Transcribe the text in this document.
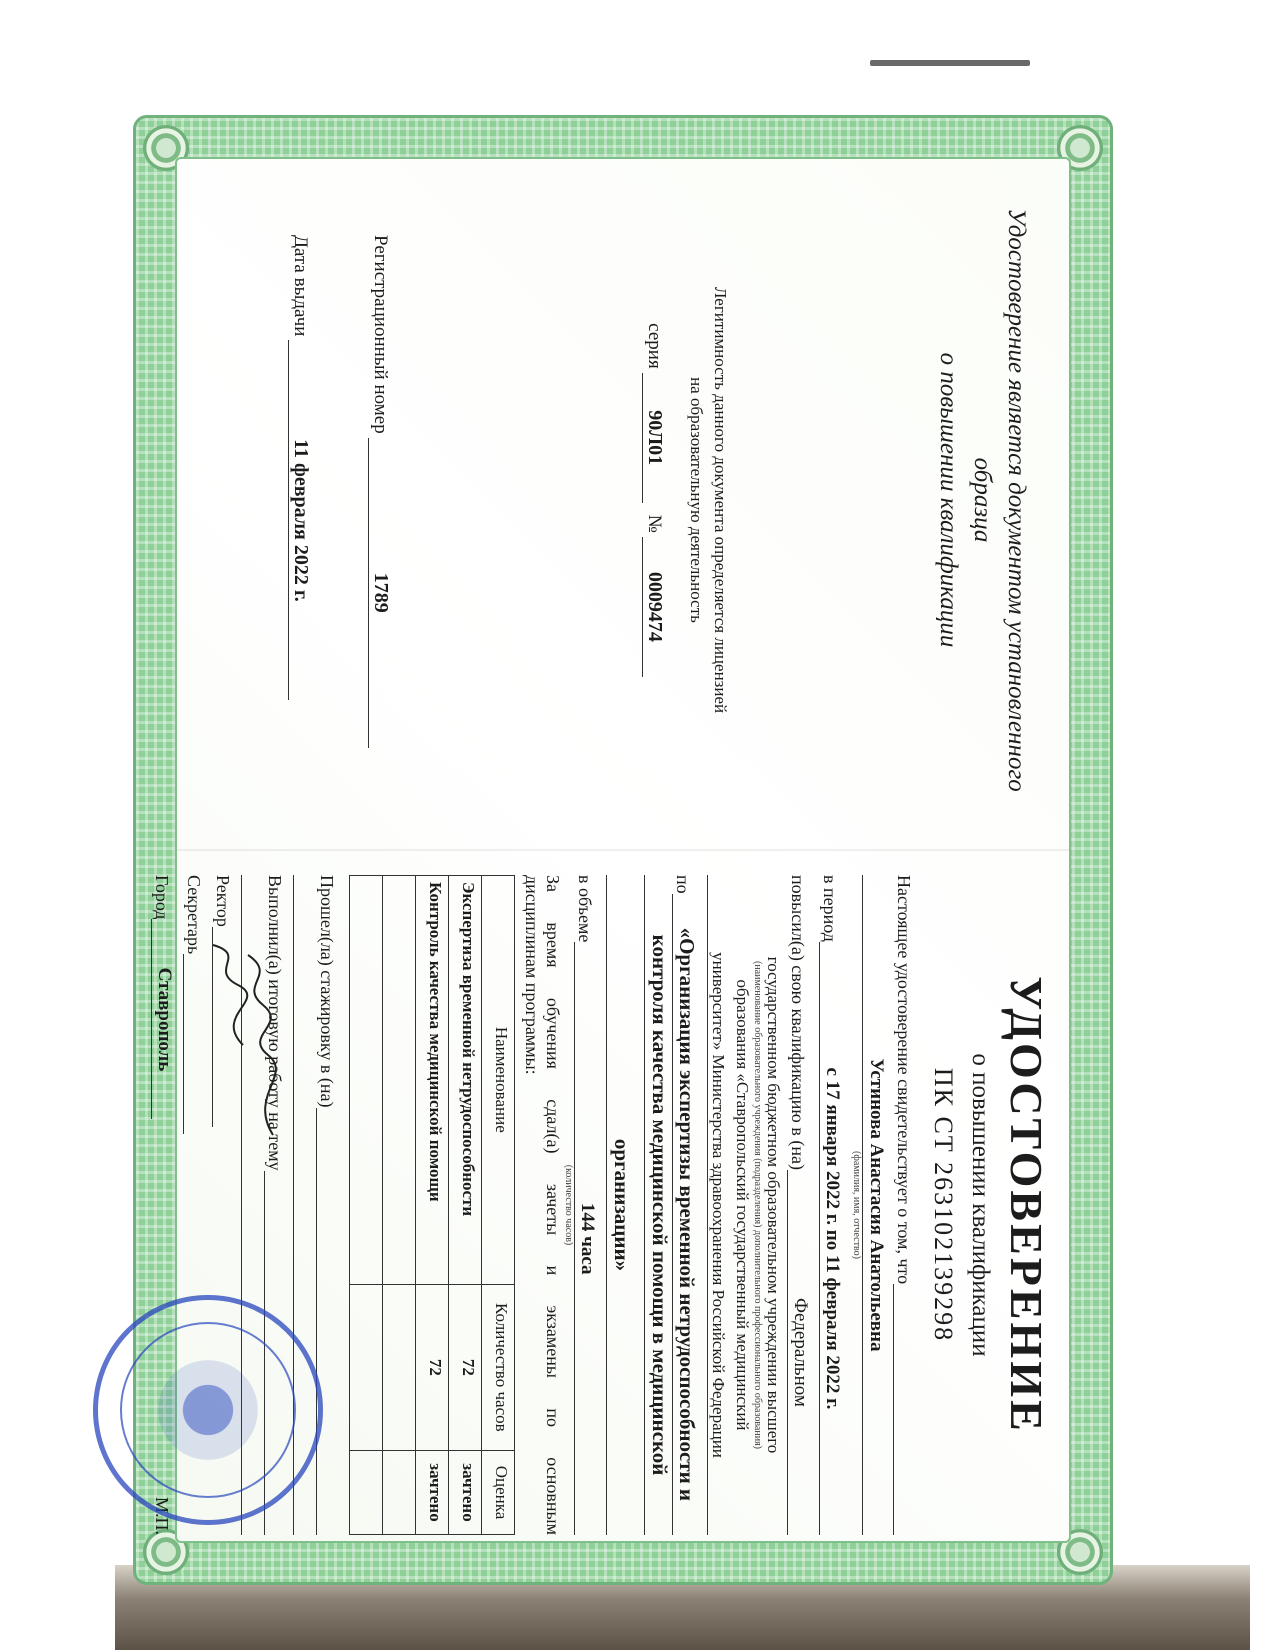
Удостоверение является документом установленного образца
о повышении квалификации
Легитимность данного документа определяется лицензией
на образовательную деятельность
серия 90Л01 № 0009474
Регистрационный номер 1789
Дата выдачи 11 февраля 2022 г.
УДОСТОВЕРЕНИЕ
о повышении квалификации
ПК СТ 263102139298
Настоящее удостоверение свидетельствует о том, что
Устинова Анастасия Анатольевна
(фамилия, имя, отчество)
в период
с 17 января 2022 г. по 11 февраля 2022 г.
повысил(а) свою квалификацию в (на)
Федеральном
государственном бюджетном образовательном учреждении высшего
(наименование образовательного учреждения (подразделения) дополнительного профессионального образования)
образования «Ставропольский государственный медицинский
университет» Министерства здравоохранения Российской Федерации
по
«Организация экспертизы временной нетрудоспособности и
контроля качества медицинской помощи в медицинской
организации»
в объеме
144 часа
(количество часов)
За время обучения сдал(а) зачеты и экзамены по основным
дисциплинам программы:
Наименование	Количество часов	Оценка
Экспертиза временной нетрудоспособности	72	зачтено
Контроль качества медицинской помощи	72	зачтено

Прошел(ла) стажировку в (на)
Выполнил(а) итоговую работу на тему
Ректор
Секретарь
Город
Ставрополь
М.П.
